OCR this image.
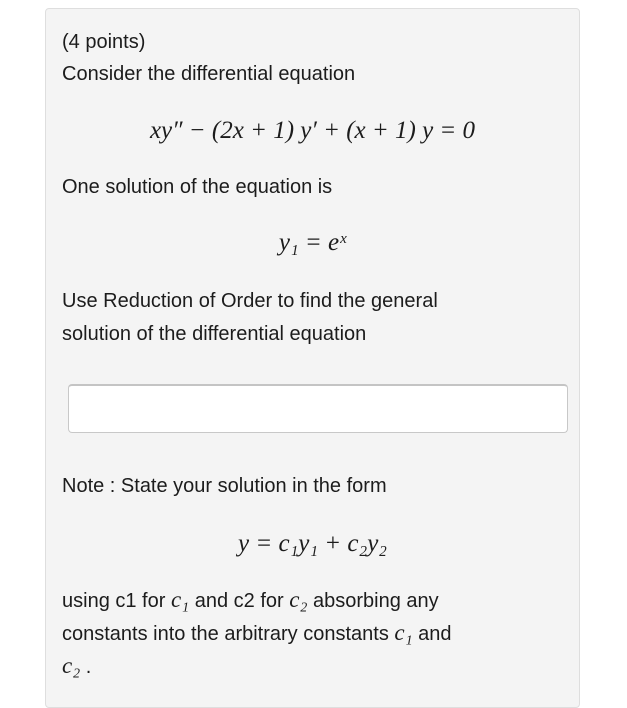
(4 points)
Consider the differential equation
xy″ − (2x + 1) y′ + (x + 1) y = 0
One solution of the equation is
y₁ = eˣ
Use Reduction of Order to find the general
solution of the differential equation
Note : State your solution in the form
y = c₁y₁ + c₂y₂
using c1 for c₁ and c2 for c₂ absorbing any
constants into the arbitrary constants c₁ and
c₂ .
